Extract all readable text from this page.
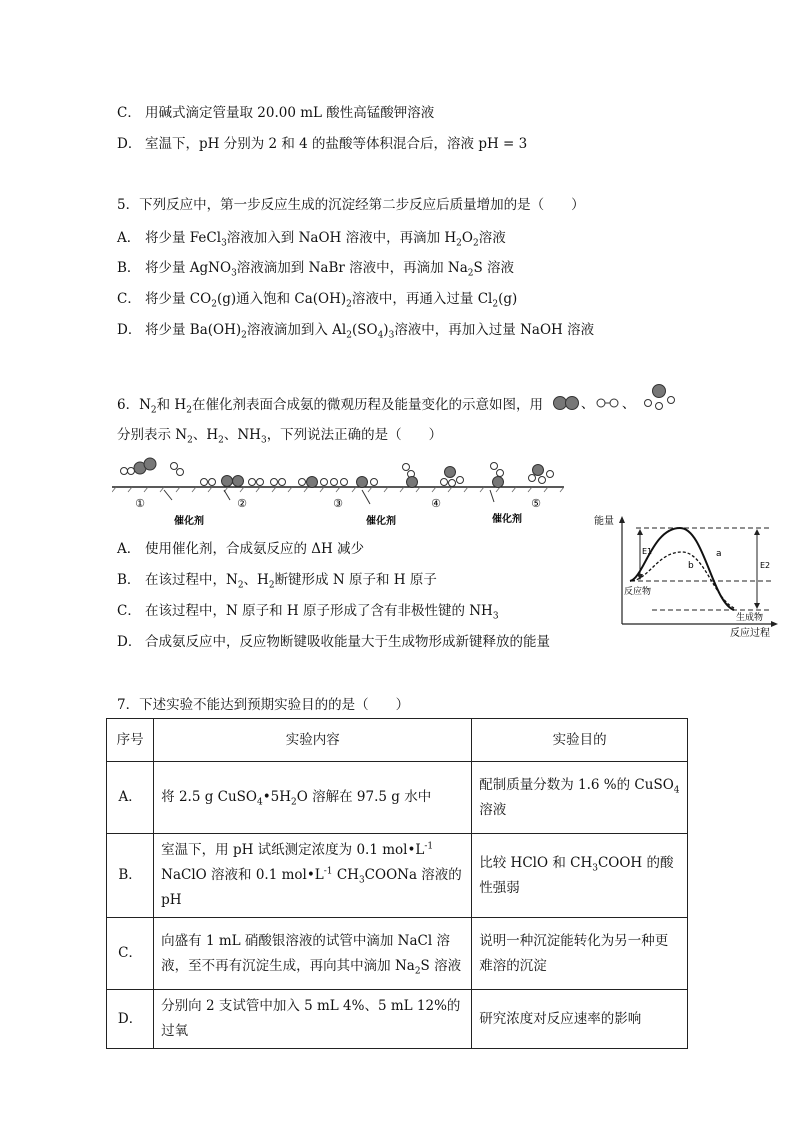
C． 用碱式滴定管量取 20.00 mL 酸性高锰酸钾溶液
D． 室温下，pH 分别为 2 和 4 的盐酸等体积混合后，溶液 pH = 3
5．下列反应中，第一步反应生成的沉淀经第二步反应后质量增加的是（　　）
A． 将少量 FeCl$_3$溶液加入到 NaOH 溶液中，再滴加 $H_2O_2$溶液
B． 将少量 AgNO$_3$溶液滴加到 NaBr 溶液中，再滴加 $Na_2S$ 溶液
C． 将少量 $CO_2(g)$通入饱和 $Ca(OH)_2$溶液中，再通入过量 $Cl_2(g)$
D． 将少量 $Ba(OH)_2$溶液滴加到入 $Al_2(SO_4)_3$溶液中，再加入过量 NaOH 溶液
6．$N_2$和 $H_2$在催化剂表面合成氨的微观历程及能量变化的示意如图，用	、 、
分别表示 $N_2$、$H_2$、$NH_3$，下列说法正确的是（　　）
①	②	③	④	⑤
催化剂	催化剂	催化剂	能量
反应过程
E1
E2
a
b
反应物
生成物
A． 使用催化剂，合成氨反应的 ΔH 减少
B． 在该过程中，$N_2$、$H_2$断键形成 N 原子和 H 原子
C． 在该过程中，N 原子和 H 原子形成了含有非极性键的 $NH_3$
D． 合成氨反应中，反应物断键吸收能量大于生成物形成新键释放的能量
7．下述实验不能达到预期实验目的的是（　　）
序号	实验内容	实验目的
A．	将 2.5 g $CuSO_4•5H_2O$ 溶解在 97.5 g 水中	配制质量分数为 1.6 %的 CuSO$_4$溶液
B．	室温下，用 pH 试纸测定浓度为 0.1 $mol•L^{-1}$ NaClO 溶液和 0.1 $mol•L^{-1}$ $CH_3COONa$ 溶液的 pH	比较 HClO 和 $CH_3COOH$ 的酸性强弱
C．	向盛有 1 mL 硝酸银溶液的试管中滴加 NaCl 溶液，至不再有沉淀生成，再向其中滴加 $Na_2S$ 溶液	说明一种沉淀能转化为另一种更难溶的沉淀
D．	分别向 2 支试管中加入 5 mL 4%、5 mL 12%的过氧	研究浓度对反应速率的影响
